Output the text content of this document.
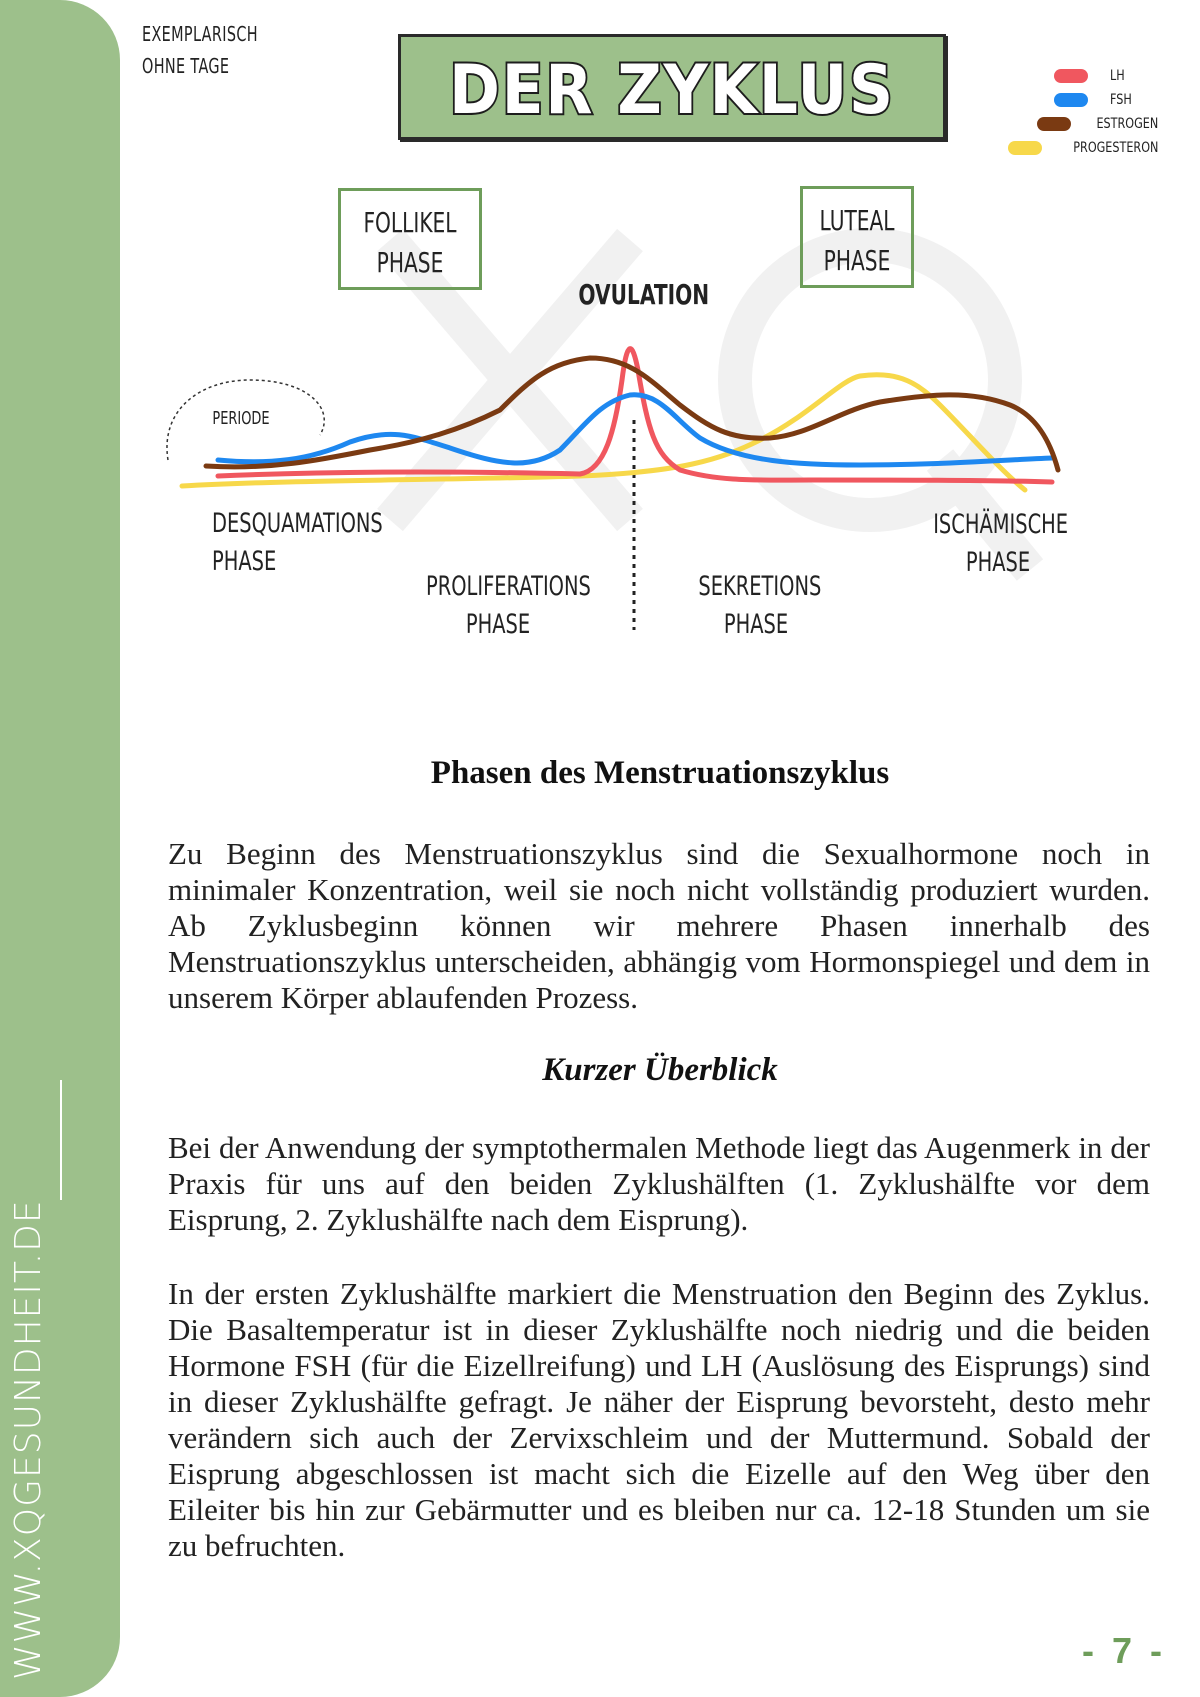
WWW.XQGESUNDHEIT.DE
EXEMPLARISCH
OHNE TAGE	DER ZYKLUS	LH
FSH
ESTROGEN
PROGESTERON
FOLLIKEL
PHASE
LUTEAL
PHASE
OVULATION
PERIODE
DESQUAMATIONS
PHASE
PROLIFERATIONS
PHASE
SEKRETIONS
PHASE
ISCHÄMISCHE
PHASE
Phasen des Menstruationszyklus

Zu Beginn des Menstruationszyklus sind die Sexualhormone noch in minimaler Konzentration, weil sie noch nicht vollständig produziert wurden. Ab Zyklusbeginn können wir mehrere Phasen innerhalb des Menstruationszyklus unterscheiden, abhängig vom Hormonspiegel und dem in unserem Körper ablaufenden Prozess.

Kurzer Überblick

Bei der Anwendung der symptothermalen Methode liegt das Augenmerk in der Praxis für uns auf den beiden Zyklushälften (1. Zyklushälfte vor dem Eisprung, 2. Zyklushälfte nach dem Eisprung).

In der ersten Zyklushälfte markiert die Menstruation den Beginn des Zyklus. Die Basaltemperatur ist in dieser Zyklushälfte noch niedrig und die beiden Hormone FSH (für die Eizellreifung) und LH (Auslösung des Eisprungs) sind in dieser Zyklushälfte gefragt. Je näher der Eisprung bevorsteht, desto mehr verändern sich auch der Zervixschleim und der Muttermund. Sobald der Eisprung abgeschlossen ist macht sich die Eizelle auf den Weg über den Eileiter bis hin zur Gebärmutter und es bleiben nur ca. 12-18 Stunden um sie zu befruchten.

- 7 -
